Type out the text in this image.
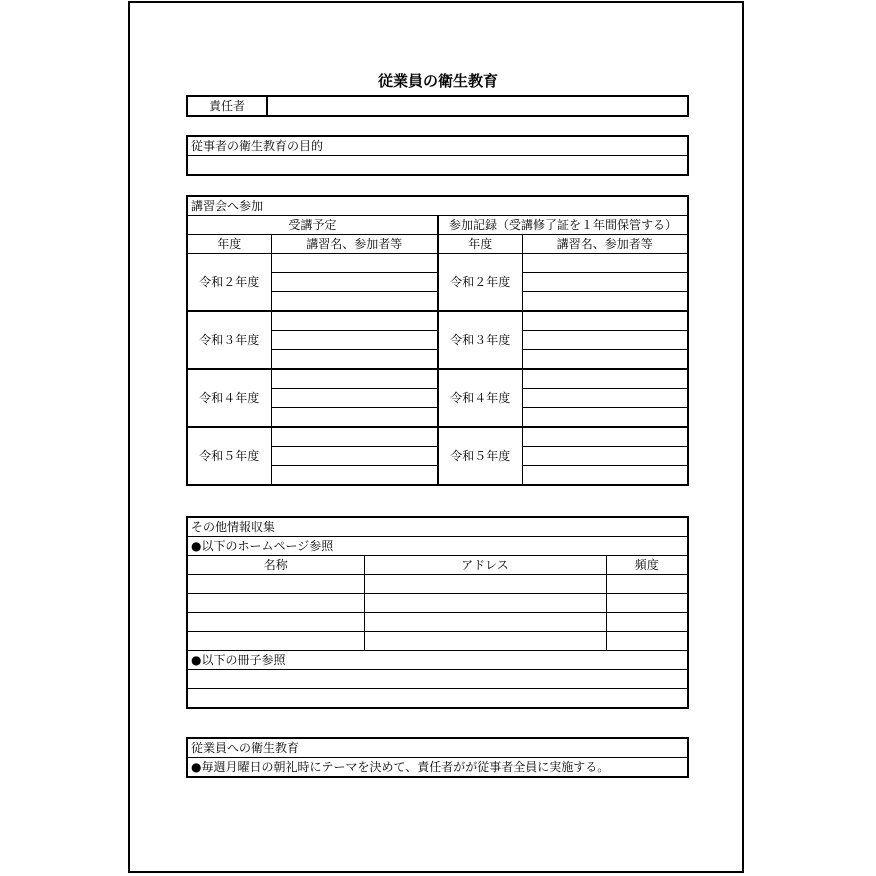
従業員の衛生教育
責任者	
従事者の衛生教育の目的

講習会へ参加			
受講予定		参加記録（受講修了証を１年間保管する）	
年度	講習名、参加者等	年度	講習名、参加者等
令和２年度		令和２年度	

令和３年度		令和３年度	

令和４年度		令和４年度	

令和５年度		令和５年度	

その他情報収集		
●以下のホームページ参照		
名称	アドレス	頻度

●以下の冊子参照		

従業員への衛生教育
●毎週月曜日の朝礼時にテーマを決めて、責任者がが従事者全員に実施する。
